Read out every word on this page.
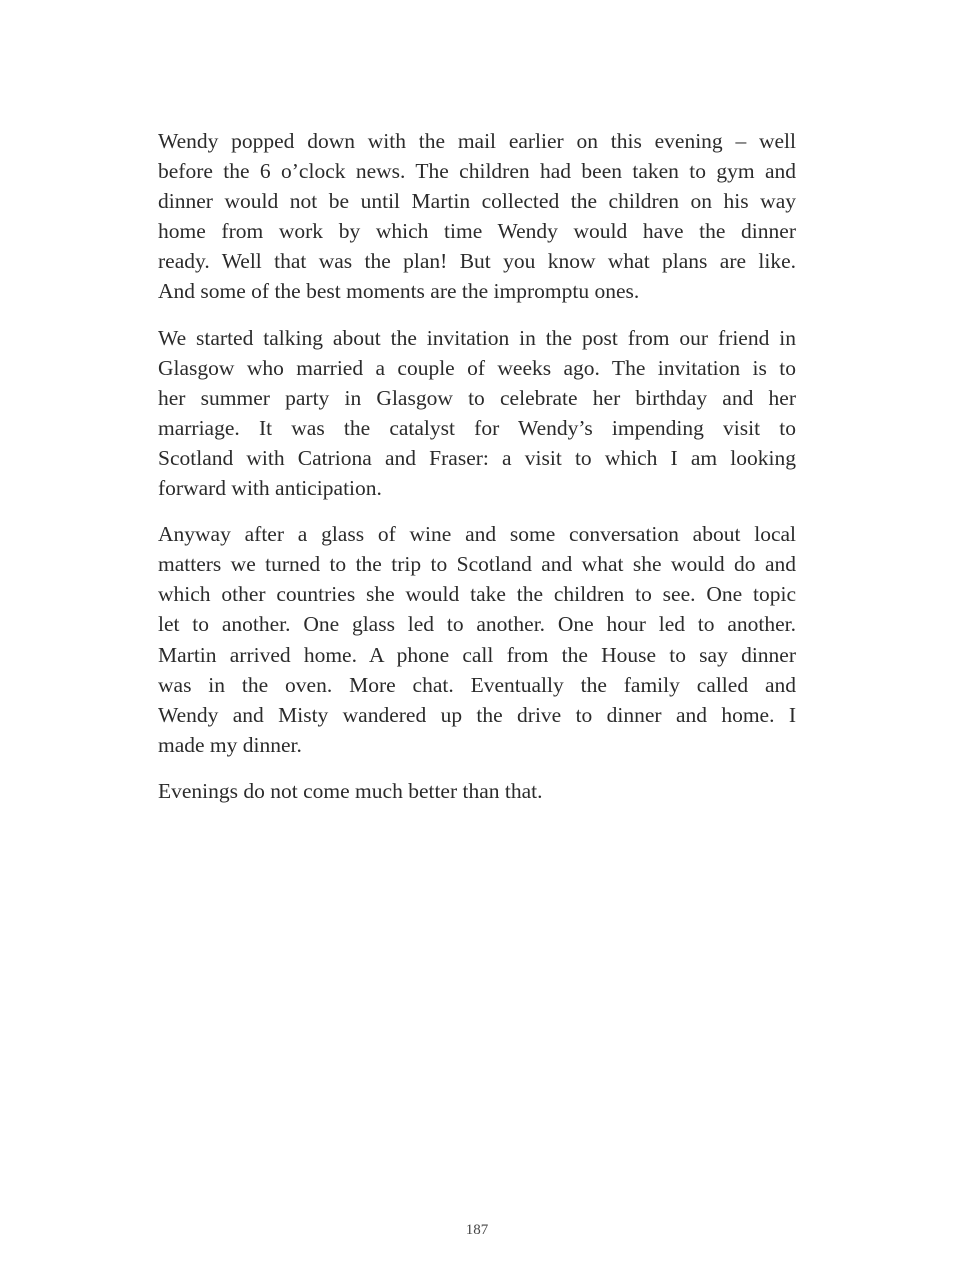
Wendy popped down with the mail earlier on this evening – well
before the 6 o’clock news. The children had been taken to gym and
dinner would not be until Martin collected the children on his way
home from work by which time Wendy would have the dinner
ready. Well that was the plan! But you know what plans are like.
And some of the best moments are the impromptu ones.

We started talking about the invitation in the post from our friend in
Glasgow who married a couple of weeks ago. The invitation is to
her summer party in Glasgow to celebrate her birthday and her
marriage. It was the catalyst for Wendy’s impending visit to
Scotland with Catriona and Fraser: a visit to which I am looking
forward with anticipation.

Anyway after a glass of wine and some conversation about local
matters we turned to the trip to Scotland and what she would do and
which other countries she would take the children to see. One topic
let to another. One glass led to another. One hour led to another.
Martin arrived home. A phone call from the House to say dinner
was in the oven. More chat. Eventually the family called and
Wendy and Misty wandered up the drive to dinner and home. I
made my dinner.

Evenings do not come much better than that.

187
